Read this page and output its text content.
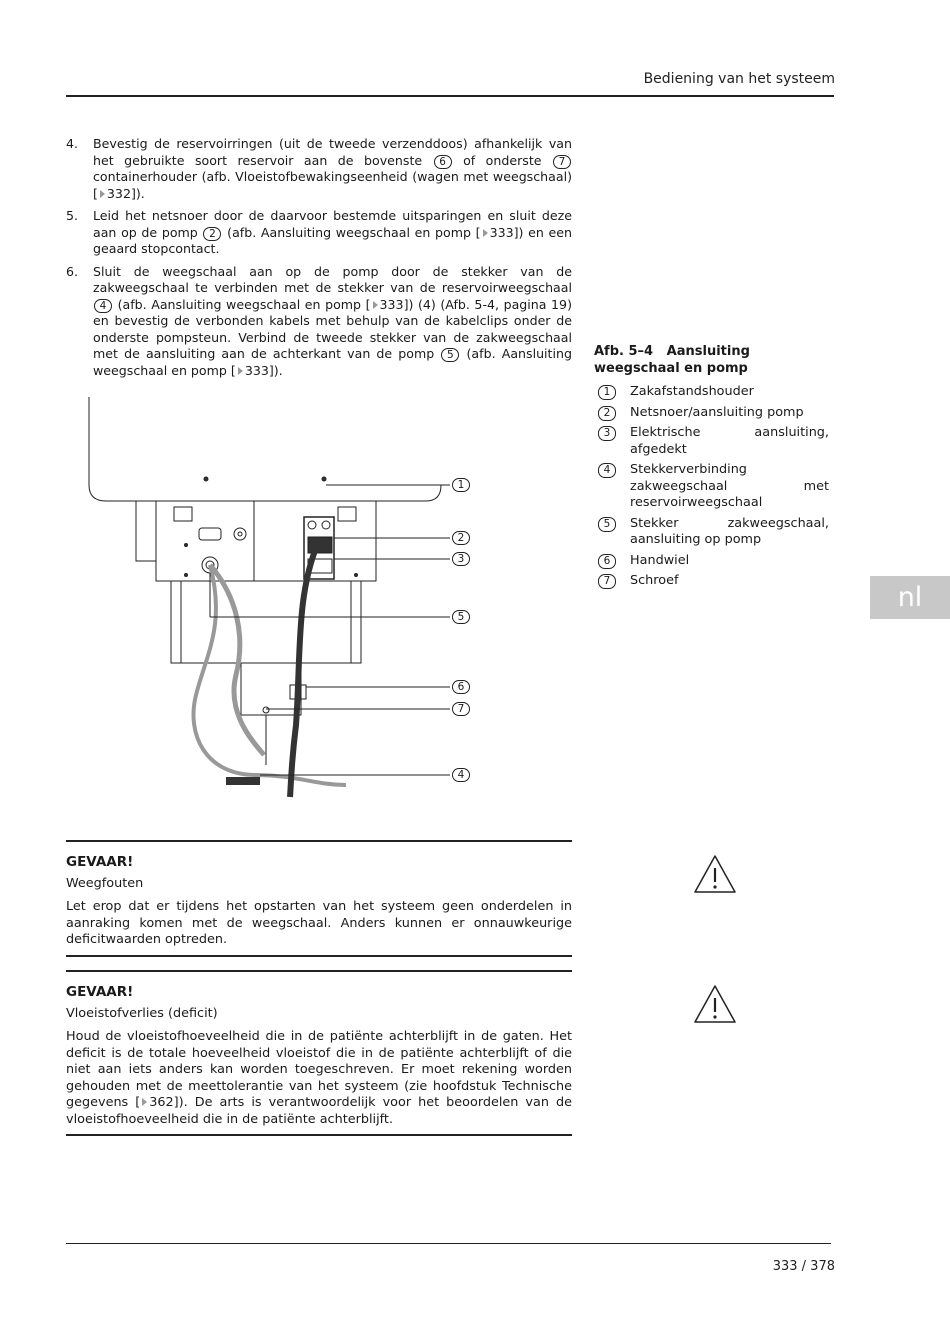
Bediening van het systeem
4.	Bevestig de reservoirringen (uit de tweede verzenddoos) afhankelijk van het gebruikte soort reservoir aan de bovenste 6 of onderste 7 containerhouder (afb. Vloeistofbewakingseenheid (wagen met weegschaal) [ 332]).
5.	Leid het netsnoer door de daarvoor bestemde uitsparingen en sluit deze aan op de pomp 2 (afb. Aansluiting weegschaal en pomp [ 333]) en een geaard stopcontact.
6.	Sluit de weegschaal aan op de pomp door de stekker van de zakweegschaal te verbinden met de stekker van de reservoirweegschaal 4 (afb. Aansluiting weegschaal en pomp [ 333]) (4) (Afb. 5-4, pagina 19) en bevestig de verbonden kabels met behulp van de kabelclips onder de onderste pompsteun. Verbind de tweede stekker van de zakweegschaal met de aansluiting aan de achterkant van de pomp 5 (afb. Aansluiting weegschaal en pomp [ 333]).
1
2
3
5
6
7
4
Afb. 5–4   Aansluiting weegschaal en pomp
1	Zakafstandshouder
2	Netsnoer/aansluiting pomp
3	Elektrische aansluiting, afgedekt
4	Stekkerverbinding zakweegschaal met reservoirweegschaal
5	Stekker zakweegschaal, aansluiting op pomp
6	Handwiel
7	Schroef
nl
GEVAAR!
Weegfouten
Let erop dat er tijdens het opstarten van het systeem geen onderdelen in aanraking komen met de weegschaal. Anders kunnen er onnauwkeurige deficitwaarden optreden.
GEVAAR!
Vloeistofverlies (deficit)
Houd de vloeistofhoeveelheid die in de patiënte achterblijft in de gaten. Het deficit is de totale hoeveelheid vloeistof die in de patiënte achterblijft of die niet aan iets anders kan worden toegeschreven. Er moet rekening worden gehouden met de meettolerantie van het systeem (zie hoofdstuk Technische gegevens [ 362]). De arts is verantwoordelijk voor het beoordelen van de vloeistofhoeveelheid die in de patiënte achterblijft.
333 / 378
